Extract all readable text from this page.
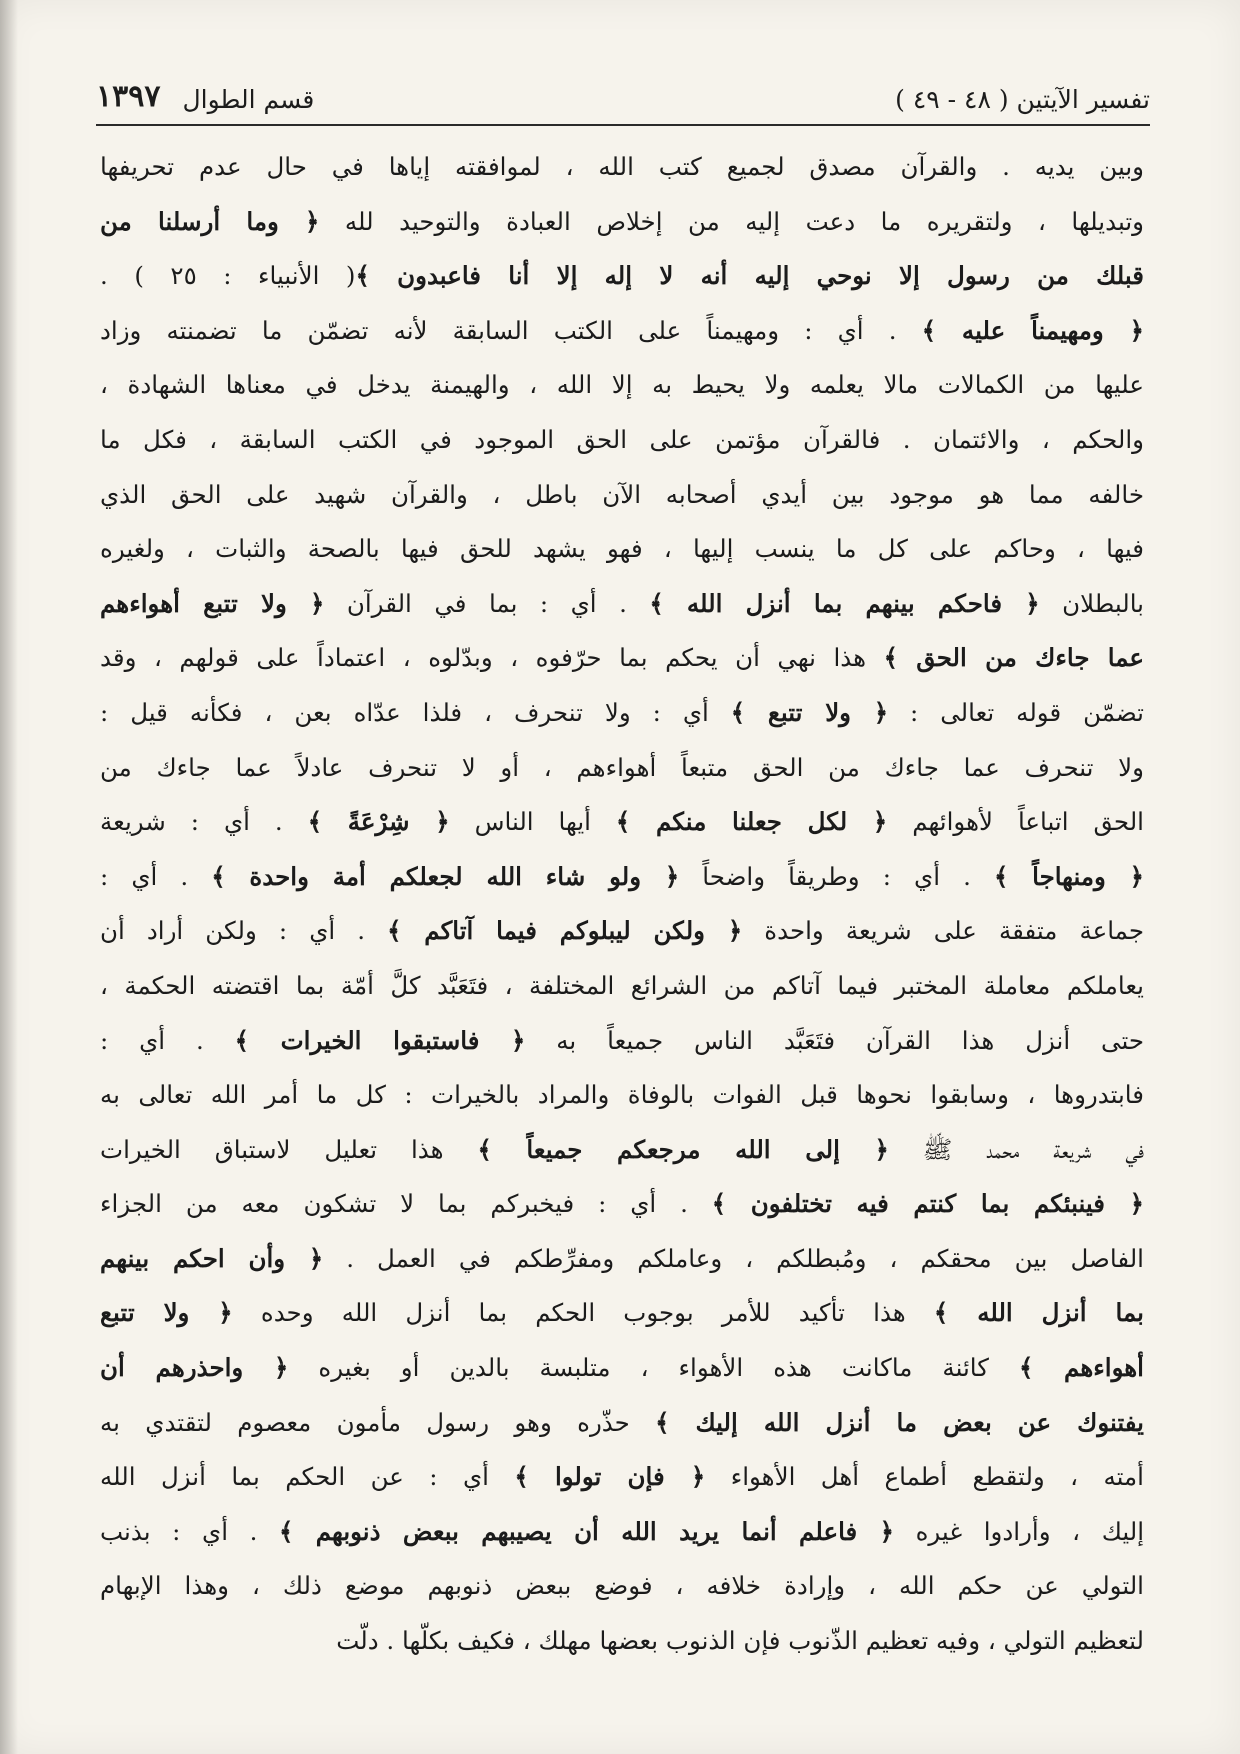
تفسير الآيتين ( ٤٨ - ٤٩ )
قسم الطوال
١٣٩٧
وبين يديه . والقرآن مصدق لجميع كتب الله ، لموافقته إياها في حال عدم تحريفها
وتبديلها ، ولتقريره ما دعت إليه من إخلاص العبادة والتوحيد لله ﴿ وما أرسلنا من
قبلك من رسول إلا نوحي إليه أنه لا إله إلا أنا فاعبدون ﴾( الأنبياء : ٢٥ ) .
﴿ ومهيمناً عليه ﴾ . أي : ومهيمناً على الكتب السابقة لأنه تضمّن ما تضمنته وزاد
عليها من الكمالات مالا يعلمه ولا يحيط به إلا الله ، والهيمنة يدخل في معناها الشهادة ،
والحكم ، والائتمان . فالقرآن مؤتمن على الحق الموجود في الكتب السابقة ، فكل ما
خالفه مما هو موجود بين أيدي أصحابه الآن باطل ، والقرآن شهيد على الحق الذي
فيها ، وحاكم على كل ما ينسب إليها ، فهو يشهد للحق فيها بالصحة والثبات ، ولغيره
بالبطلان ﴿ فاحكم بينهم بما أنزل الله ﴾ . أي : بما في القرآن ﴿ ولا تتبع أهواءهم
عما جاءك من الحق ﴾ هذا نهي أن يحكم بما حرّفوه ، وبدّلوه ، اعتماداً على قولهم ، وقد
تضمّن قوله تعالى : ﴿ ولا تتبع ﴾ أي : ولا تنحرف ، فلذا عدّاه بعن ، فكأنه قيل :
ولا تنحرف عما جاءك من الحق متبعاً أهواءهم ، أو لا تنحرف عادلاً عما جاءك من
الحق اتباعاً لأهوائهم ﴿ لكل جعلنا منكم ﴾ أيها الناس ﴿ شِرْعَةً ﴾ . أي : شريعة
﴿ ومنهاجاً ﴾ . أي : وطريقاً واضحاً ﴿ ولو شاء الله لجعلكم أمة واحدة ﴾ . أي :
جماعة متفقة على شريعة واحدة ﴿ ولكن ليبلوكم فيما آتاكم ﴾ . أي : ولكن أراد أن
يعاملكم معاملة المختبر فيما آتاكم من الشرائع المختلفة ، فتَعَبَّد كلَّ أمّة بما اقتضته الحكمة ،
حتى أنزل هذا القرآن فتَعَبَّد الناس جميعاً به ﴿ فاستبقوا الخيرات ﴾ . أي :
فابتدروها ، وسابقوا نحوها قبل الفوات بالوفاة والمراد بالخيرات : كل ما أمر الله تعالى به
في شريعة محمد ﷺ ﴿ إلى الله مرجعكم جميعاً ﴾ هذا تعليل لاستباق الخيرات
﴿ فينبئكم بما كنتم فيه تختلفون ﴾ . أي : فيخبركم بما لا تشكون معه من الجزاء
الفاصل بين محقكم ، ومُبطلكم ، وعاملكم ومفرِّطكم في العمل . ﴿ وأن احكم بينهم
بما أنزل الله ﴾ هذا تأكيد للأمر بوجوب الحكم بما أنزل الله وحده ﴿ ولا تتبع
أهواءهم ﴾ كائنة ماكانت هذه الأهواء ، متلبسة بالدين أو بغيره ﴿ واحذرهم أن
يفتنوك عن بعض ما أنزل الله إليك ﴾ حذّره وهو رسول مأمون معصوم لتقتدي به
أمته ، ولتقطع أطماع أهل الأهواء ﴿ فإن تولوا ﴾ أي : عن الحكم بما أنزل الله
إليك ، وأرادوا غيره ﴿ فاعلم أنما يريد الله أن يصيبهم ببعض ذنوبهم ﴾ . أي : بذنب
التولي عن حكم الله ، وإرادة خلافه ، فوضع ببعض ذنوبهم موضع ذلك ، وهذا الإبهام
لتعظيم التولي ، وفيه تعظيم الذّنوب فإن الذنوب بعضها مهلك ، فكيف بكلّها . دلّت
